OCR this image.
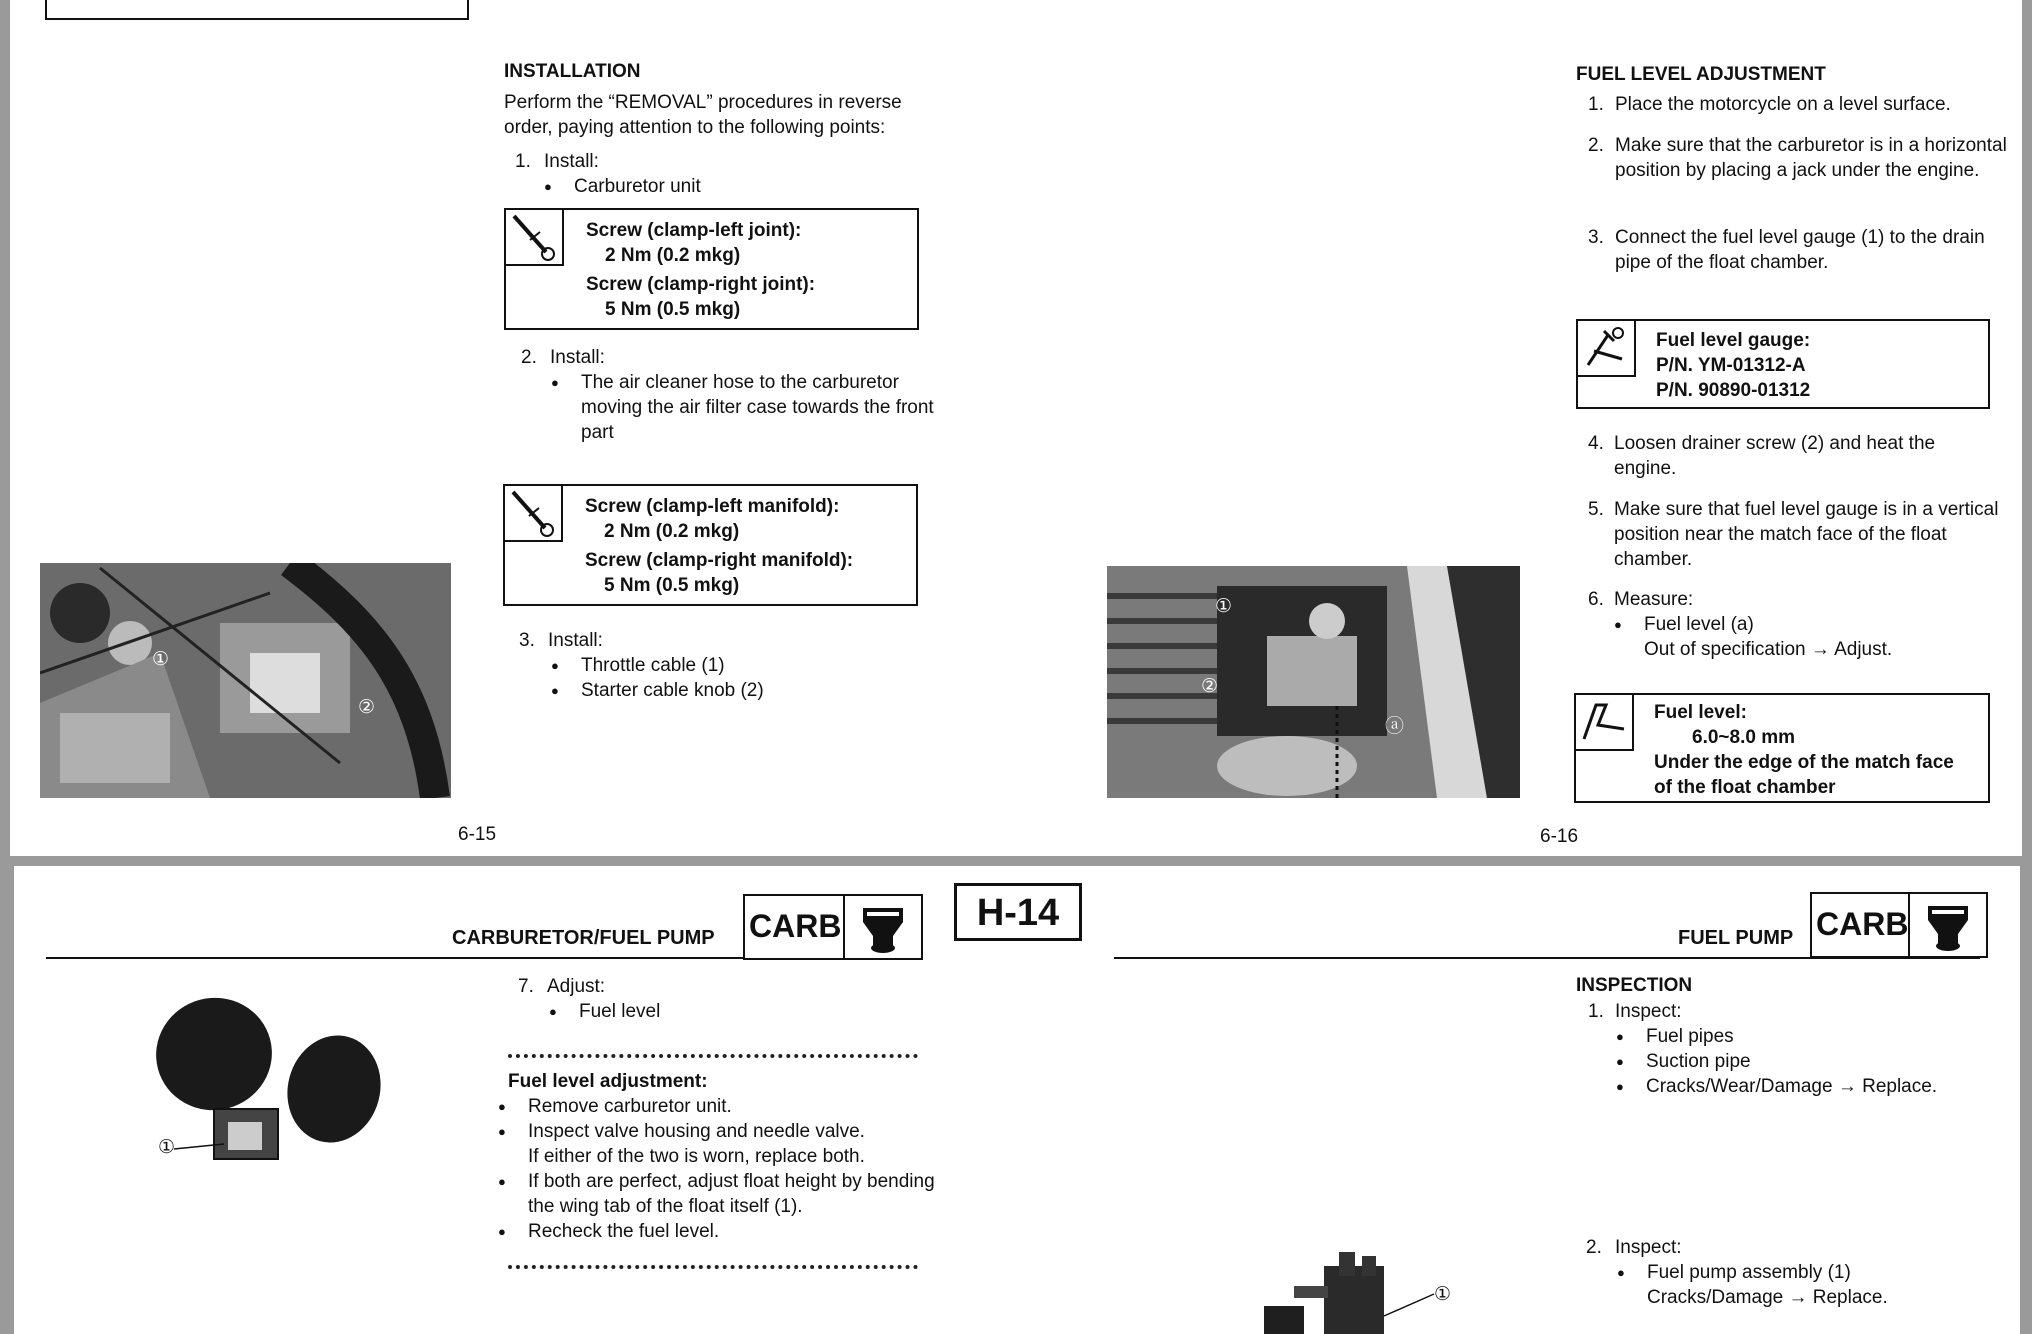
INSTALLATION
Perform the “REMOVAL” procedures in reverse
order, paying attention to the following points:
1. Install:
● Carburetor unit
Screw (clamp-left joint):
2 Nm (0.2 mkg)
Screw (clamp-right joint):
5 Nm (0.5 mkg)
2. Install:
● The air cleaner hose to the carburetor
moving the air filter case towards the front
part
Screw (clamp-left manifold):
2 Nm (0.2 mkg)
Screw (clamp-right manifold):
5 Nm (0.5 mkg)
3. Install:
● Throttle cable (1)
● Starter cable knob (2)
①
②
6-15
FUEL LEVEL ADJUSTMENT
1. Place the motorcycle on a level surface.
2. Make sure that the carburetor is in a horizontal
position by placing a jack under the engine.
3. Connect the fuel level gauge (1) to the drain
pipe of the float chamber.
Fuel level gauge:
P/N. YM-01312-A
P/N. 90890-01312
4. Loosen drainer screw (2) and heat the
engine.
5. Make sure that fuel level gauge is in a vertical
position near the match face of the float
chamber.
6. Measure:
● Fuel level (a)
Out of specification → Adjust.
Fuel level:
6.0~8.0 mm
Under the edge of the match face
of the float chamber
①
②
ⓐ
6-16
CARBURETOR/FUEL PUMP CARB	H-14
FUEL PUMP CARB
①
7. Adjust:
● Fuel level
Fuel level adjustment:
● Remove carburetor unit.
● Inspect valve housing and needle valve.
If either of the two is worn, replace both.
● If both are perfect, adjust float height by bending
the wing tab of the float itself (1).
● Recheck the fuel level.
INSPECTION
1. Inspect:
● Fuel pipes
● Suction pipe
● Cracks/Wear/Damage → Replace.
2. Inspect:
● Fuel pump assembly (1)
Cracks/Damage → Replace.
①
